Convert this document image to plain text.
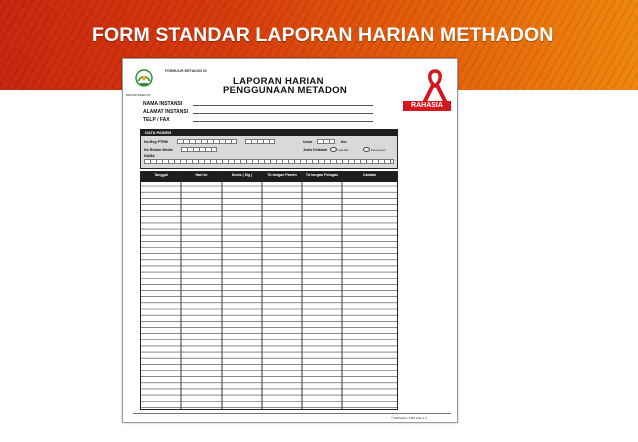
FORM STANDAR LAPORAN HARIAN METHADON
FORMULIR METADON 03
DEPARTEMEN RI
LAPORAN HARIAN
PENGGUNAAN METADON
RAHASIA
NAMA INSTANSI
ALAMAT INSTANSI
TELP / FAX
DATA PASIEN
No.Reg PTRM	Umur	thn
No Rekam Medis	Jenis Kelamin	Laki-laki	Perempuan
NAMA
Tanggal	Hari ke	Dosis ( Mg )	Td tangan Pasien	Td tangan Petugas	Catatan
© Methadon V.MV Flair 1.1
